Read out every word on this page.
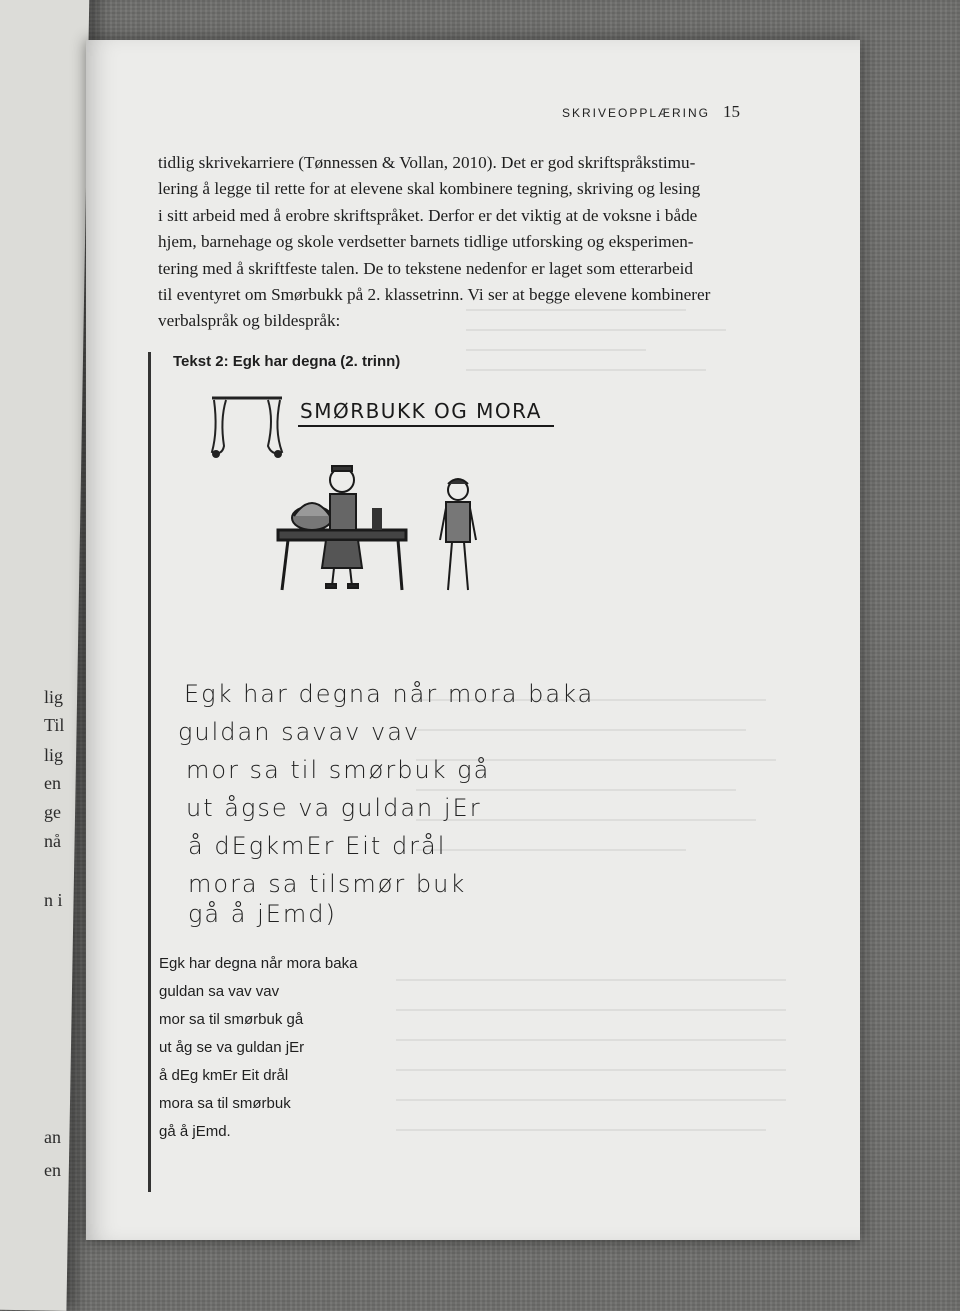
lig
Til
lig
en
ge
nå
n i
an
en
SKRIVEOPPLÆRING 15
tidlig skrivekarriere (Tønnessen & Vollan, 2010). Det er god skriftspråkstimu-
lering å legge til rette for at elevene skal kombinere tegning, skriving og lesing
i sitt arbeid med å erobre skriftspråket. Derfor er det viktig at de voksne i både
hjem, barnehage og skole verdsetter barnets tidlige utforsking og eksperimen-
tering med å skriftfeste talen. De to tekstene nedenfor er laget som etterarbeid
til eventyret om Smørbukk på 2. klassetrinn. Vi ser at begge elevene kombinerer
verbalspråk og bildespråk:
Tekst 2: Egk har degna (2. trinn)
SMØRBUKK OG MORA
Egk har degna når mora baka
guldan savav vav
mor sa til smørbuk gå
ut ågse va guldan jEr
å dEgkmEr Eit drål
mora sa tilsmør buk
gå å jEmd)
Egk har degna når mora baka
guldan sa vav vav
mor sa til smørbuk gå
ut åg se va guldan jEr
å dEg kmEr Eit drål
mora sa til smørbuk
gå å jEmd.
